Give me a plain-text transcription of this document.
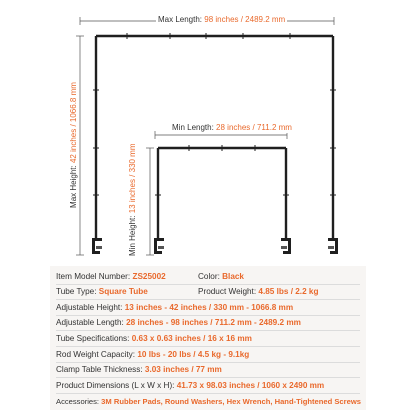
Max Length: 98 inches / 2489.2 mm
Min Length: 28 inches / 711.2 mm
Max Height: 42 inches / 1066.8 mm
Min Height: 13 inches / 330 mm
Item Model Number: ZS25002	Color: Black
Tube Type: Square Tube	Product Weight: 4.85 lbs / 2.2 kg
Adjustable Height: 13 inches - 42 inches / 330 mm - 1066.8 mm
Adjustable Length: 28 inches - 98 inches / 711.2 mm - 2489.2 mm
Tube Specifications: 0.63 x 0.63 inches / 16 x 16 mm
Rod Weight Capacity: 10 lbs - 20 lbs / 4.5 kg - 9.1kg
Clamp Table Thickness: 3.03 inches / 77 mm
Product Dimensions (L x W x H): 41.73 x 98.03 inches / 1060 x 2490 mm
Accessories: 3M Rubber Pads, Round Washers, Hex Wrench, Hand-Tightened Screws
